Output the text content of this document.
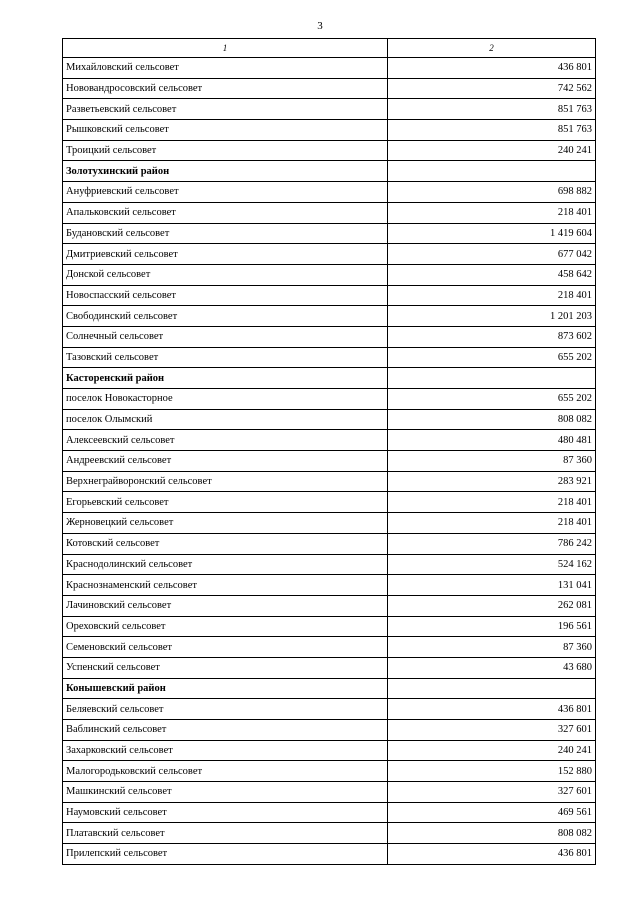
3
1	2
Михайловский сельсовет	436 801
Нововандросовский сельсовет	742 562
Разветьевский сельсовет	851 763
Рышковский сельсовет	851 763
Троицкий сельсовет	240 241
Золотухинский район	
Ануфриевский сельсовет	698 882
Апальковский сельсовет	218 401
Будановский сельсовет	1 419 604
Дмитриевский сельсовет	677 042
Донской сельсовет	458 642
Новоспасский сельсовет	218 401
Свободинский сельсовет	1 201 203
Солнечный сельсовет	873 602
Тазовский сельсовет	655 202
Касторенский район	
поселок Новокасторное	655 202
поселок Олымский	808 082
Алексеевский сельсовет	480 481
Андреевский сельсовет	87 360
Верхнеграйворонский сельсовет	283 921
Егорьевский сельсовет	218 401
Жерновецкий сельсовет	218 401
Котовский сельсовет	786 242
Краснодолинский сельсовет	524 162
Краснознаменский сельсовет	131 041
Лачиновский сельсовет	262 081
Ореховский сельсовет	196 561
Семеновский сельсовет	87 360
Успенский сельсовет	43 680
Конышевский район	
Беляевский сельсовет	436 801
Ваблинский сельсовет	327 601
Захарковский сельсовет	240 241
Малогородьковский сельсовет	152 880
Машкинский сельсовет	327 601
Наумовский сельсовет	469 561
Платавский сельсовет	808 082
Прилепский сельсовет	436 801
